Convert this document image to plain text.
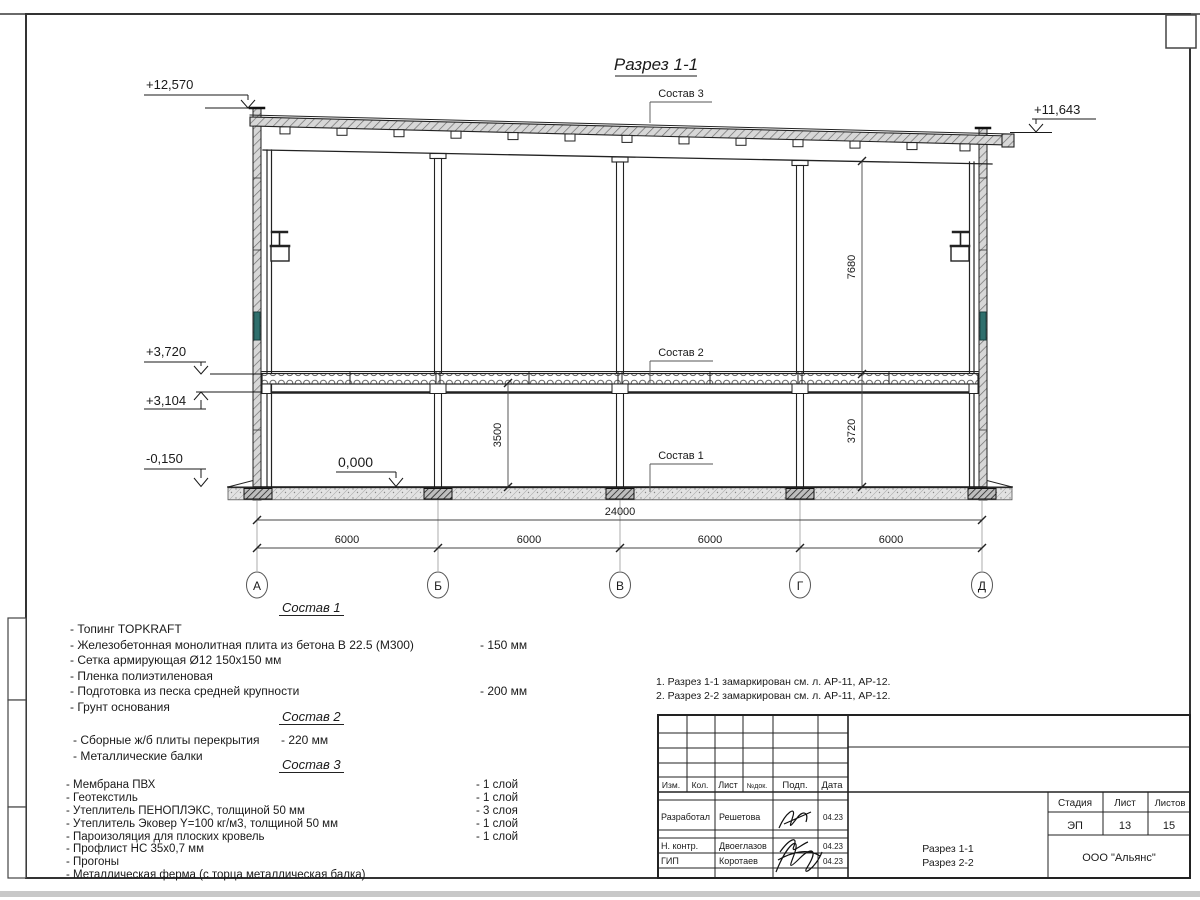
Разрез 1-1
+12,570
+11,643
+3,720
+3,104
-0,150	0,000
Состав 3
Состав 2
Состав 1
24000
6000	6000	6000	6000
3500
7680
3720
А	Б	В	Г	Д
Изм. Кол. Лист №док. Подп. Дата
Разработал Решетова	04.23
Н. контр. Двоеглазов	04.23
ГИП	Коротаев	04.23
Стадия Лист Листов
ЭП	13	15
Разрез 1-1
Разрез 2-2	ООО "Альянс"
1. Разрез 1-1 замаркирован см. л. АР-11, АР-12.
2. Разрез 2-2 замаркирован см. л. АР-11, АР-12.
Состав 1
- Топинг TOPKRAFT
- Железобетонная монолитная плита из бетона В 22.5 (М300)	- 150 мм
- Сетка армирующая Ø12 150х150 мм
- Пленка полиэтиленовая
- Подготовка из песка средней крупности	- 200 мм
- Грунт основания
Состав 2
- Сборные ж/б плиты перекрытия - 220 мм
- Металлические балки
Состав 3
- Мембрана ПВХ	- 1 слой
- Геотекстиль	- 1 слой
- Утеплитель ПЕНОПЛЭКС, толщиной 50 мм	- 3 слоя
- Утеплитель Эковер Y=100 кг/м3, толщиной 50 мм	- 1 слой
- Пароизоляция для плоских кровель	- 1 слой
- Профлист НС 35х0,7 мм
- Прогоны
- Металлическая ферма (с торца металлическая балка)
